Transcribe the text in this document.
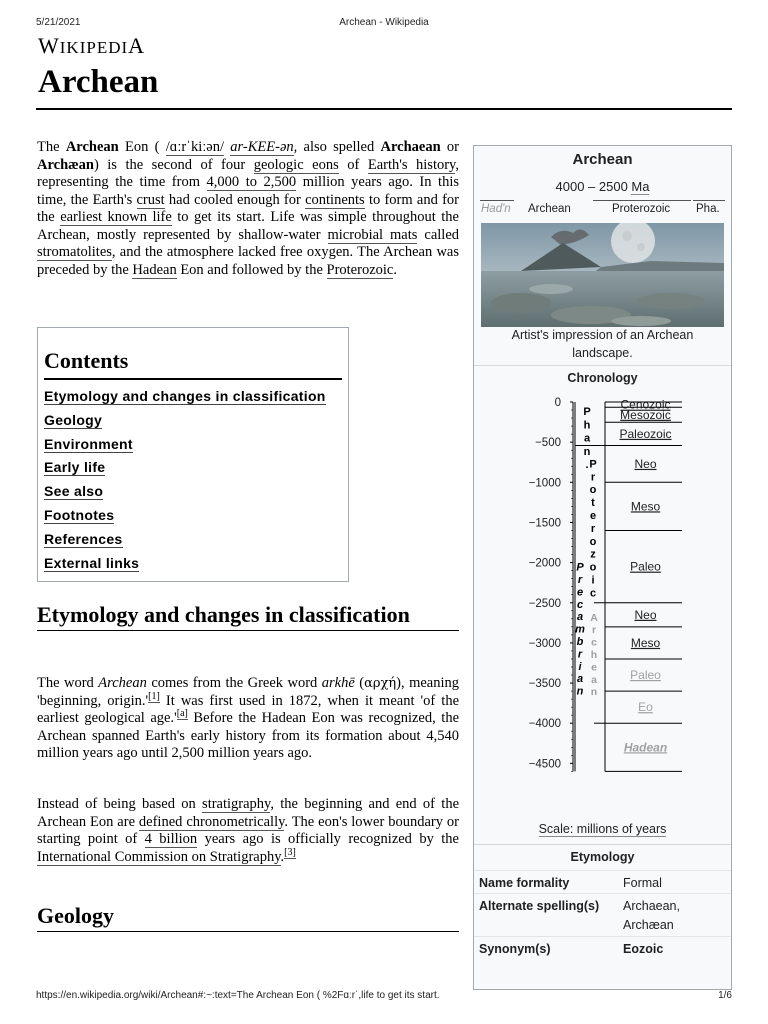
5/21/2021	Archean - Wikipedia
WIKIPEDIA
Archean

The Archean Eon ( /ɑːrˈkiːən/ ar-KEE-ən, also spelled Archaean or Archæan) is the second of four geologic eons of Earth's history, representing the time from 4,000 to 2,500 million years ago. In this time, the Earth's crust had cooled enough for continents to form and for the earliest known life to get its start. Life was simple throughout the Archean, mostly represented by shallow-water microbial mats called stromatolites, and the atmosphere lacked free oxygen. The Archean was preceded by the Hadean Eon and followed by the Proterozoic.

Contents
Etymology and changes in classification
Geology
Environment
Early life
See also
Footnotes
References
External links
Etymology and changes in classification

The word Archean comes from the Greek word arkhē (αρχή), meaning 'beginning, origin.'[1] It was first used in 1872, when it meant 'of the earliest geological age.'[a] Before the Hadean Eon was recognized, the Archean spanned Earth's early history from its formation about 4,540 million years ago until 2,500 million years ago.

Instead of being based on stratigraphy, the beginning and end of the Archean Eon are defined chronometrically. The eon's lower boundary or starting point of 4 billion years ago is officially recognized by the International Commission on Stratigraphy.[3]

Geology
Archean
4000 – 2500 Ma
Had'n Archean	Proterozoic Pha.
Artist's impression of an Archean landscape.
Chronology
0
−500
−1000
−1500
−2000
−2500
−3000
−3500
−4000
−4500
P h a n .
P r e c a m b r i a n
P r o t e r o z o i c
A r c h e a n
Cenozoic
Mesozoic
Paleozoic
Neo
Meso
Paleo
Neo
Meso
Paleo
Eo
Hadean
Scale: millions of years
Etymology
Name formality	Formal
Alternate spelling(s) Archaean, Archæan
Synonym(s)	Eozoic
https://en.wikipedia.org/wiki/Archean#:~:text=The Archean Eon ( %2Fɑːrˈ,life to get its start.	1/6
